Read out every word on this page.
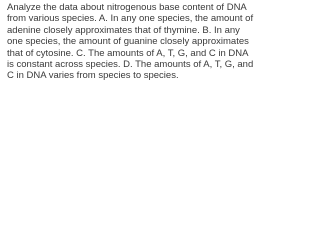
Analyze the data about nitrogenous base content of DNA from various species. A. In any one species, the amount of adenine closely approximates that of thymine. B. In any one species, the amount of guanine closely approximates that of cytosine. C. The amounts of A, T, G, and C in DNA is constant across species. D. The amounts of A, T, G, and C in DNA varies from species to species.
